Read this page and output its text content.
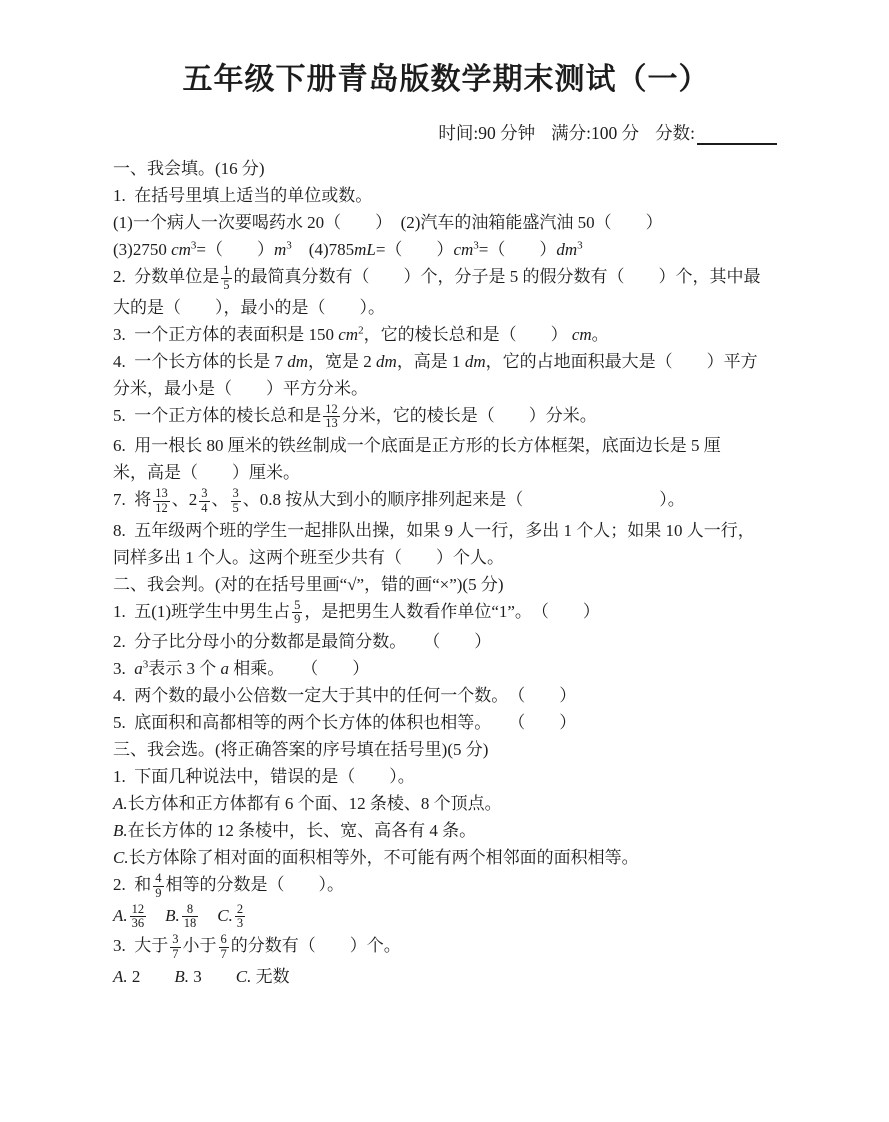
五年级下册青岛版数学期末测试（一）
时间:90 分钟 满分:100 分 分数:
一、我会填。(16 分)
1.  在括号里填上适当的单位或数。
(1)一个病人一次要喝药水 20（　　）　(2)汽车的油箱能盛汽油 50（　　）
(3)2750 $cm^3=$（　　）$m^3$　(4)785mL=（　　）$cm^3=$（　　）$dm^3$
2.  分数单位是 $\frac{1}{5}$ 的最简真分数有（　　）个，分子是 5 的假分数有（　　）个，其中最
大的是（　　），最小的是（　　）。
3.  一个正方体的表面积是 150 $cm^2$，它的棱长总和是（　　） cm。
4.  一个长方体的长是 7 dm，宽是 2 dm，高是 1 dm，它的占地面积最大是（　　）平方
分米，最小是（　　）平方分米。
5.  一个正方体的棱长总和是 $\frac{12}{13}$ 分米，它的棱长是（　　）分米。
6.  用一根长 80 厘米的铁丝制成一个底面是正方形的长方体框架，底面边长是 5 厘
米，高是（　　）厘米。
7.  将 $\frac{13}{12}$ 、$2 \frac{3}{4}$ 、 $\frac{3}{5}$ 、0.8 按从大到小的顺序排列起来是（　　　　　　　　）。
8.  五年级两个班的学生一起排队出操，如果 9 人一行，多出 1 个人；如果 10 人一行，
同样多出 1 个人。这两个班至少共有（　　）个人。
二、我会判。(对的在括号里画“√”，错的画“×”)(5 分)
1.  五(1)班学生中男生占 $\frac{5}{9}$ ，是把男生人数看作单位“1”。　（　　）
2.  分子比分母小的分数都是最简分数。　　（　　）
3.  $a^3$表示 3 个 a 相乘。　　（　　）
4.  两个数的最小公倍数一定大于其中的任何一个数。　（　　）
5.  底面积和高都相等的两个长方体的体积也相等。　　（　　）
三、我会选。(将正确答案的序号填在括号里)(5 分)
1.  下面几种说法中，错误的是（　　）。
A.长方体和正方体都有 6 个面、12 条棱、8 个顶点。
B.在长方体的 12 条棱中，长、宽、高各有 4 条。
C.长方体除了相对面的面积相等外，不可能有两个相邻面的面积相等。
2.  和 $\frac{4}{9}$ 相等的分数是（　　）。
A. $\frac{12}{36}$
　 B. $\frac{8}{18}$
　 C. $\frac{2}{3}$
3.  大于 $\frac{3}{7}$ 小于 $\frac{6}{7}$ 的分数有（　　）个。
A. 2　　B. 3　　C. 无数
